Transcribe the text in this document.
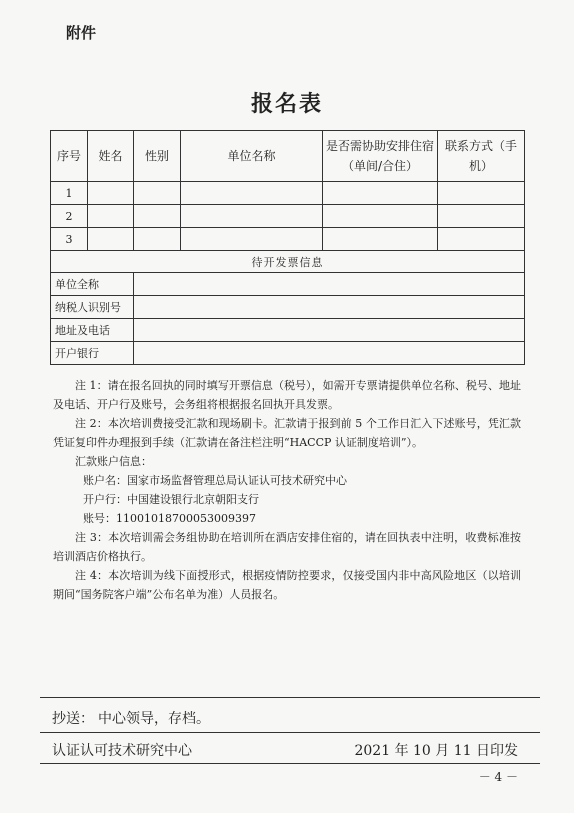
附件
报名表
序号	姓名	性别	单位名称	是否需协助安排住宿（单间/合住）	联系方式（手机）
1					
2					
3					
待开发票信息					
单位全称					
纳税人识别号					
地址及电话					
开户银行					

注 1：请在报名回执的同时填写开票信息（税号），如需开专票请提供单位名称、税号、地址及电话、开户行及账号，会务组将根据报名回执开具发票。

注 2：本次培训费接受汇款和现场刷卡。汇款请于报到前 5 个工作日汇入下述账号，凭汇款凭证复印件办理报到手续（汇款请在备注栏注明“HACCP 认证制度培训”）。

汇款账户信息：

账户名：国家市场监督管理总局认证认可技术研究中心

开户行：中国建设银行北京朝阳支行

账号：11001018700053009397

注 3：本次培训需会务组协助在培训所在酒店安排住宿的，请在回执表中注明，收费标准按培训酒店价格执行。

注 4：本次培训为线下面授形式，根据疫情防控要求，仅接受国内非中高风险地区（以培训期间“国务院客户端”公布名单为准）人员报名。

抄送： 中心领导，存档。
认证认可技术研究中心	2021 年 10 月 11 日印发
－ 4 －
